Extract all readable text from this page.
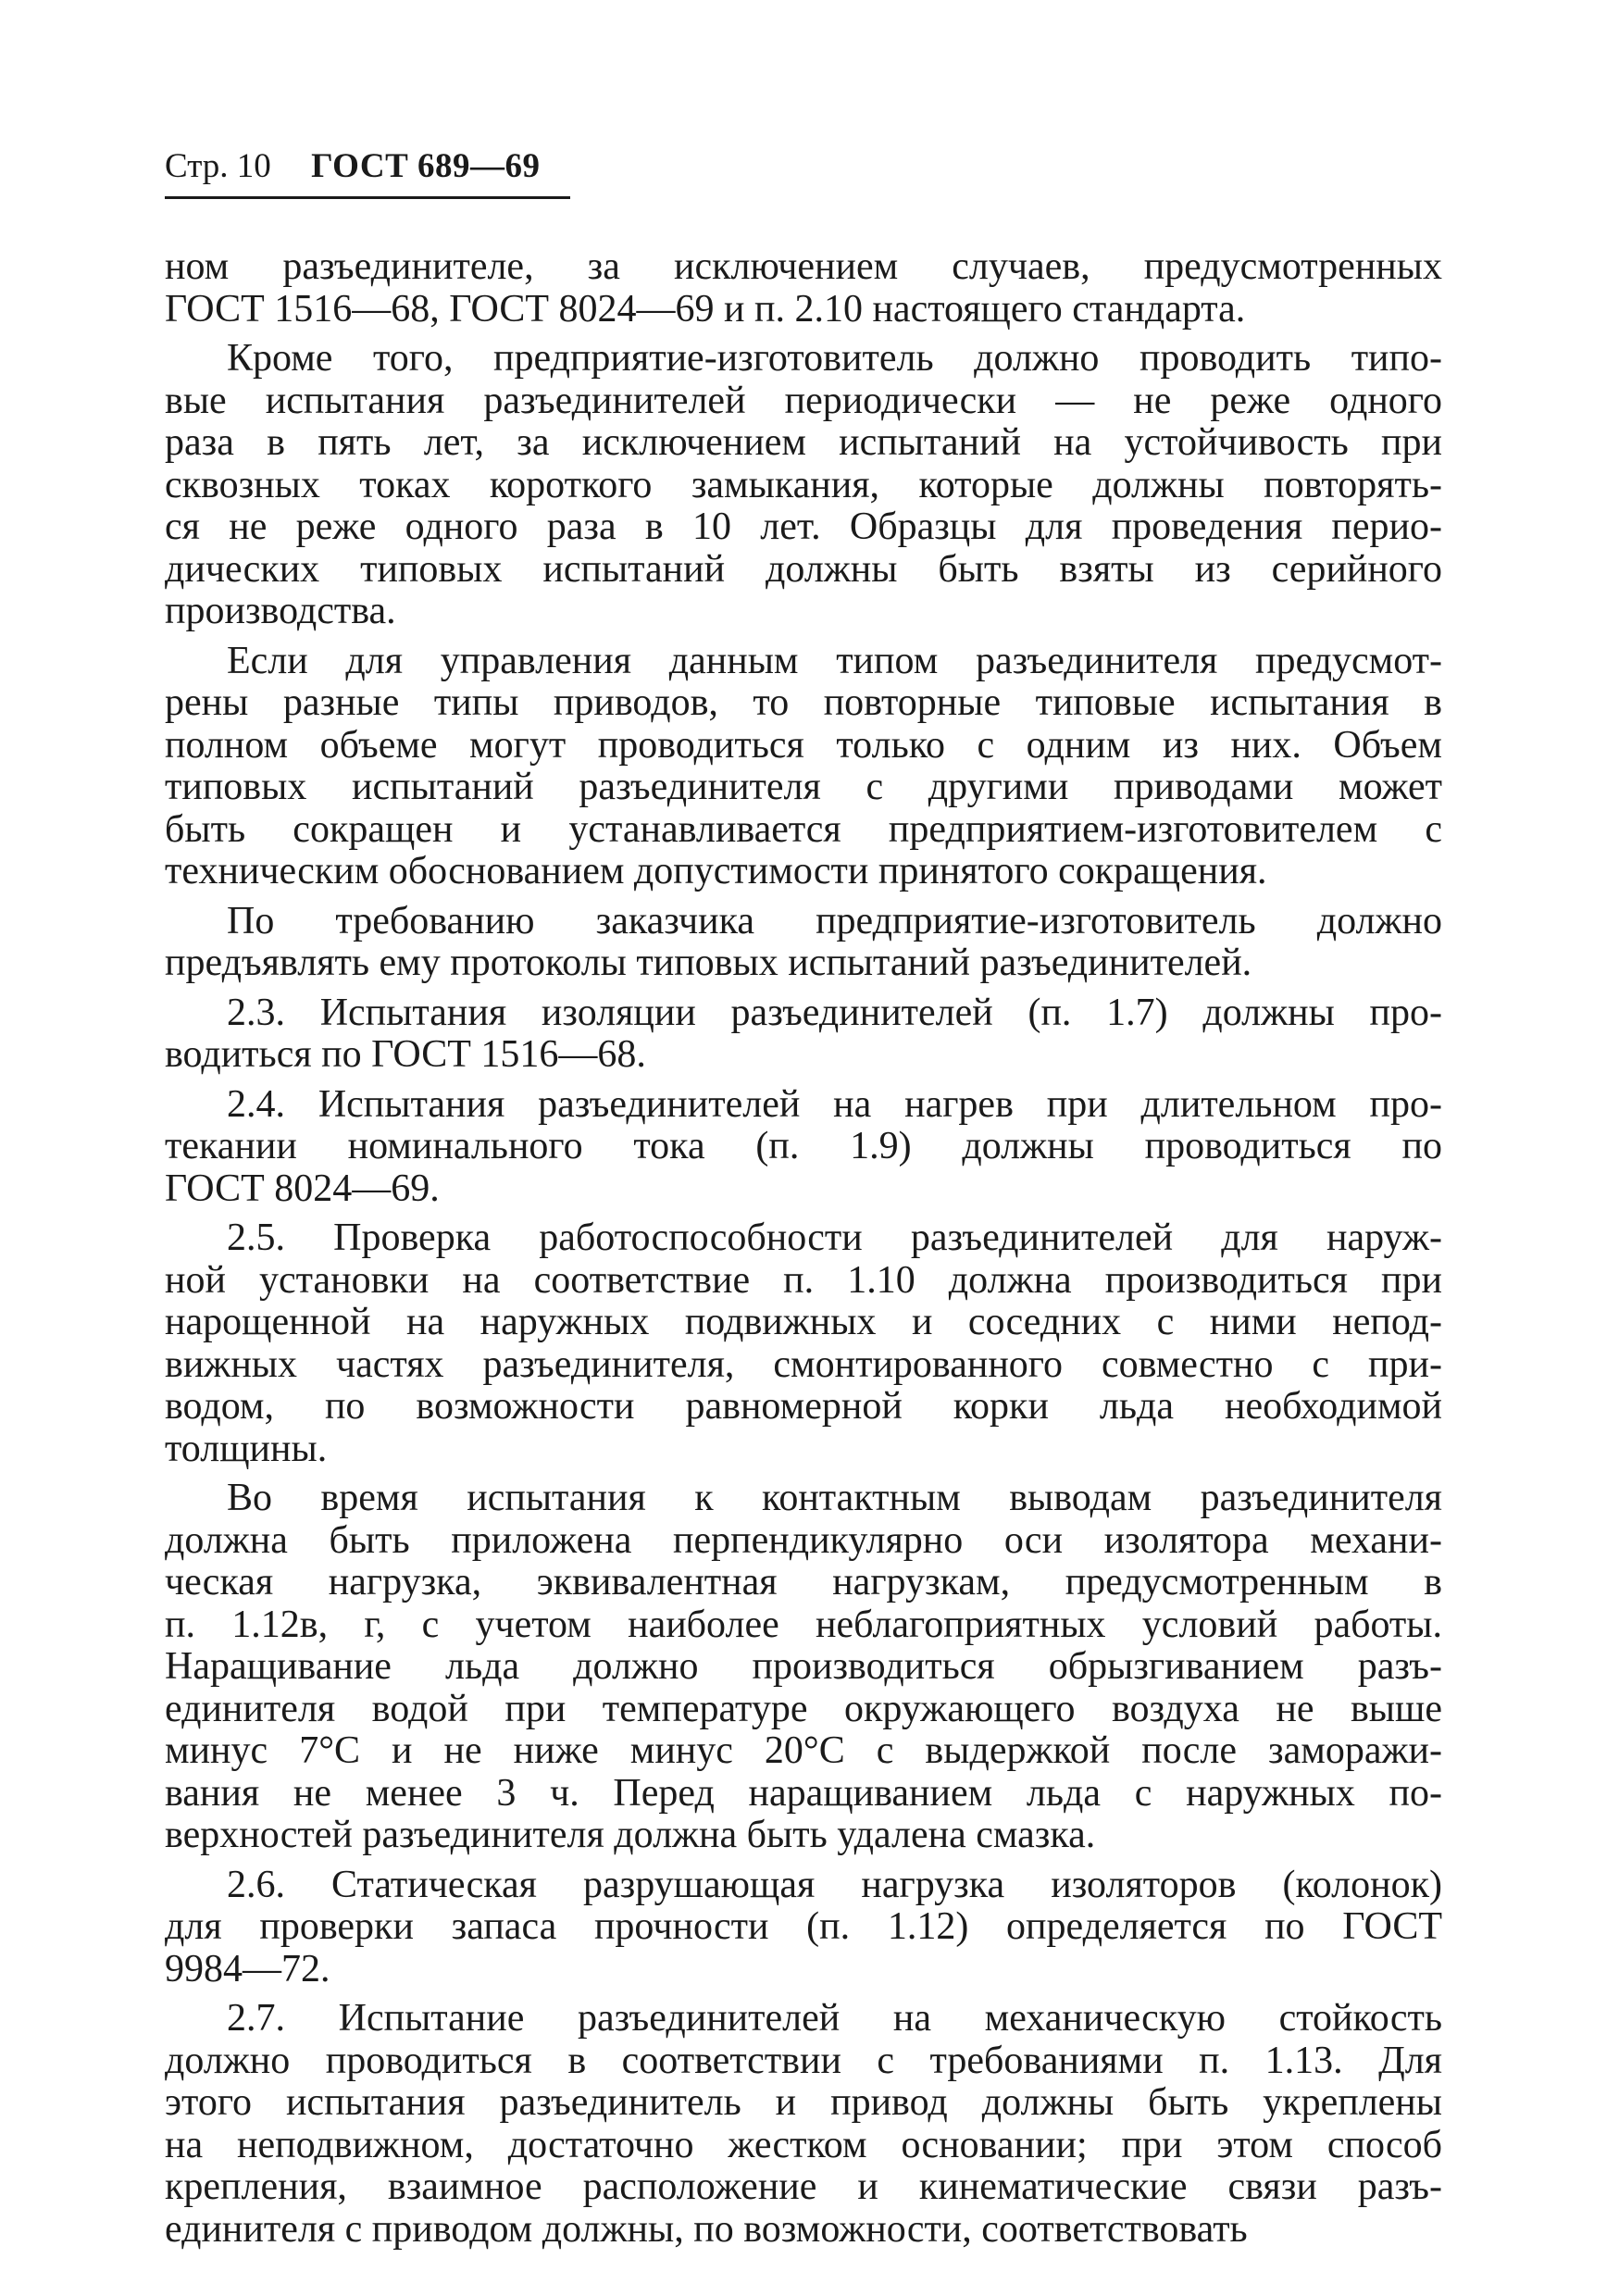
Стр. 10 ГОСТ 689—69
ном разъединителе, за исключением случаев, предусмотренных
ГОСТ 1516—68, ГОСТ 8024—69 и п. 2.10 настоящего стандарта.
Кроме того, предприятие-изготовитель должно проводить типо-
вые испытания разъединителей периодически — не реже одного
раза в пять лет, за исключением испытаний на устойчивость при
сквозных токах короткого замыкания, которые должны повторять-
ся не реже одного раза в 10 лет. Образцы для проведения перио-
дических типовых испытаний должны быть взяты из серийного
производства.
Если для управления данным типом разъединителя предусмот-
рены разные типы приводов, то повторные типовые испытания в
полном объеме могут проводиться только с одним из них. Объем
типовых испытаний разъединителя с другими приводами может
быть сокращен и устанавливается предприятием-изготовителем с
техническим обоснованием допустимости принятого сокращения.
По требованию заказчика предприятие-изготовитель должно
предъявлять ему протоколы типовых испытаний разъединителей.
2.3. Испытания изоляции разъединителей (п. 1.7) должны про-
водиться по ГОСТ 1516—68.
2.4. Испытания разъединителей на нагрев при длительном про-
текании номинального тока (п. 1.9) должны проводиться по
ГОСТ 8024—69.
2.5. Проверка работоспособности разъединителей для наруж-
ной установки на соответствие п. 1.10 должна производиться при
нарощенной на наружных подвижных и соседних с ними непод-
вижных частях разъединителя, смонтированного совместно с при-
водом, по возможности равномерной корки льда необходимой
толщины.
Во время испытания к контактным выводам разъединителя
должна быть приложена перпендикулярно оси изолятора механи-
ческая нагрузка, эквивалентная нагрузкам, предусмотренным в
п. 1.12в, г, с учетом наиболее неблагоприятных условий работы.
Наращивание льда должно производиться обрызгиванием разъ-
единителя водой при температуре окружающего воздуха не выше
минус 7°С и не ниже минус 20°С с выдержкой после заморажи-
вания не менее 3 ч. Перед наращиванием льда с наружных по-
верхностей разъединителя должна быть удалена смазка.
2.6. Статическая разрушающая нагрузка изоляторов (колонок)
для проверки запаса прочности (п. 1.12) определяется по ГОСТ
9984—72.
2.7. Испытание разъединителей на механическую стойкость
должно проводиться в соответствии с требованиями п. 1.13. Для
этого испытания разъединитель и привод должны быть укреплены
на неподвижном, достаточно жестком основании; при этом способ
крепления, взаимное расположение и кинематические связи разъ-
единителя с приводом должны, по возможности, соответствовать
